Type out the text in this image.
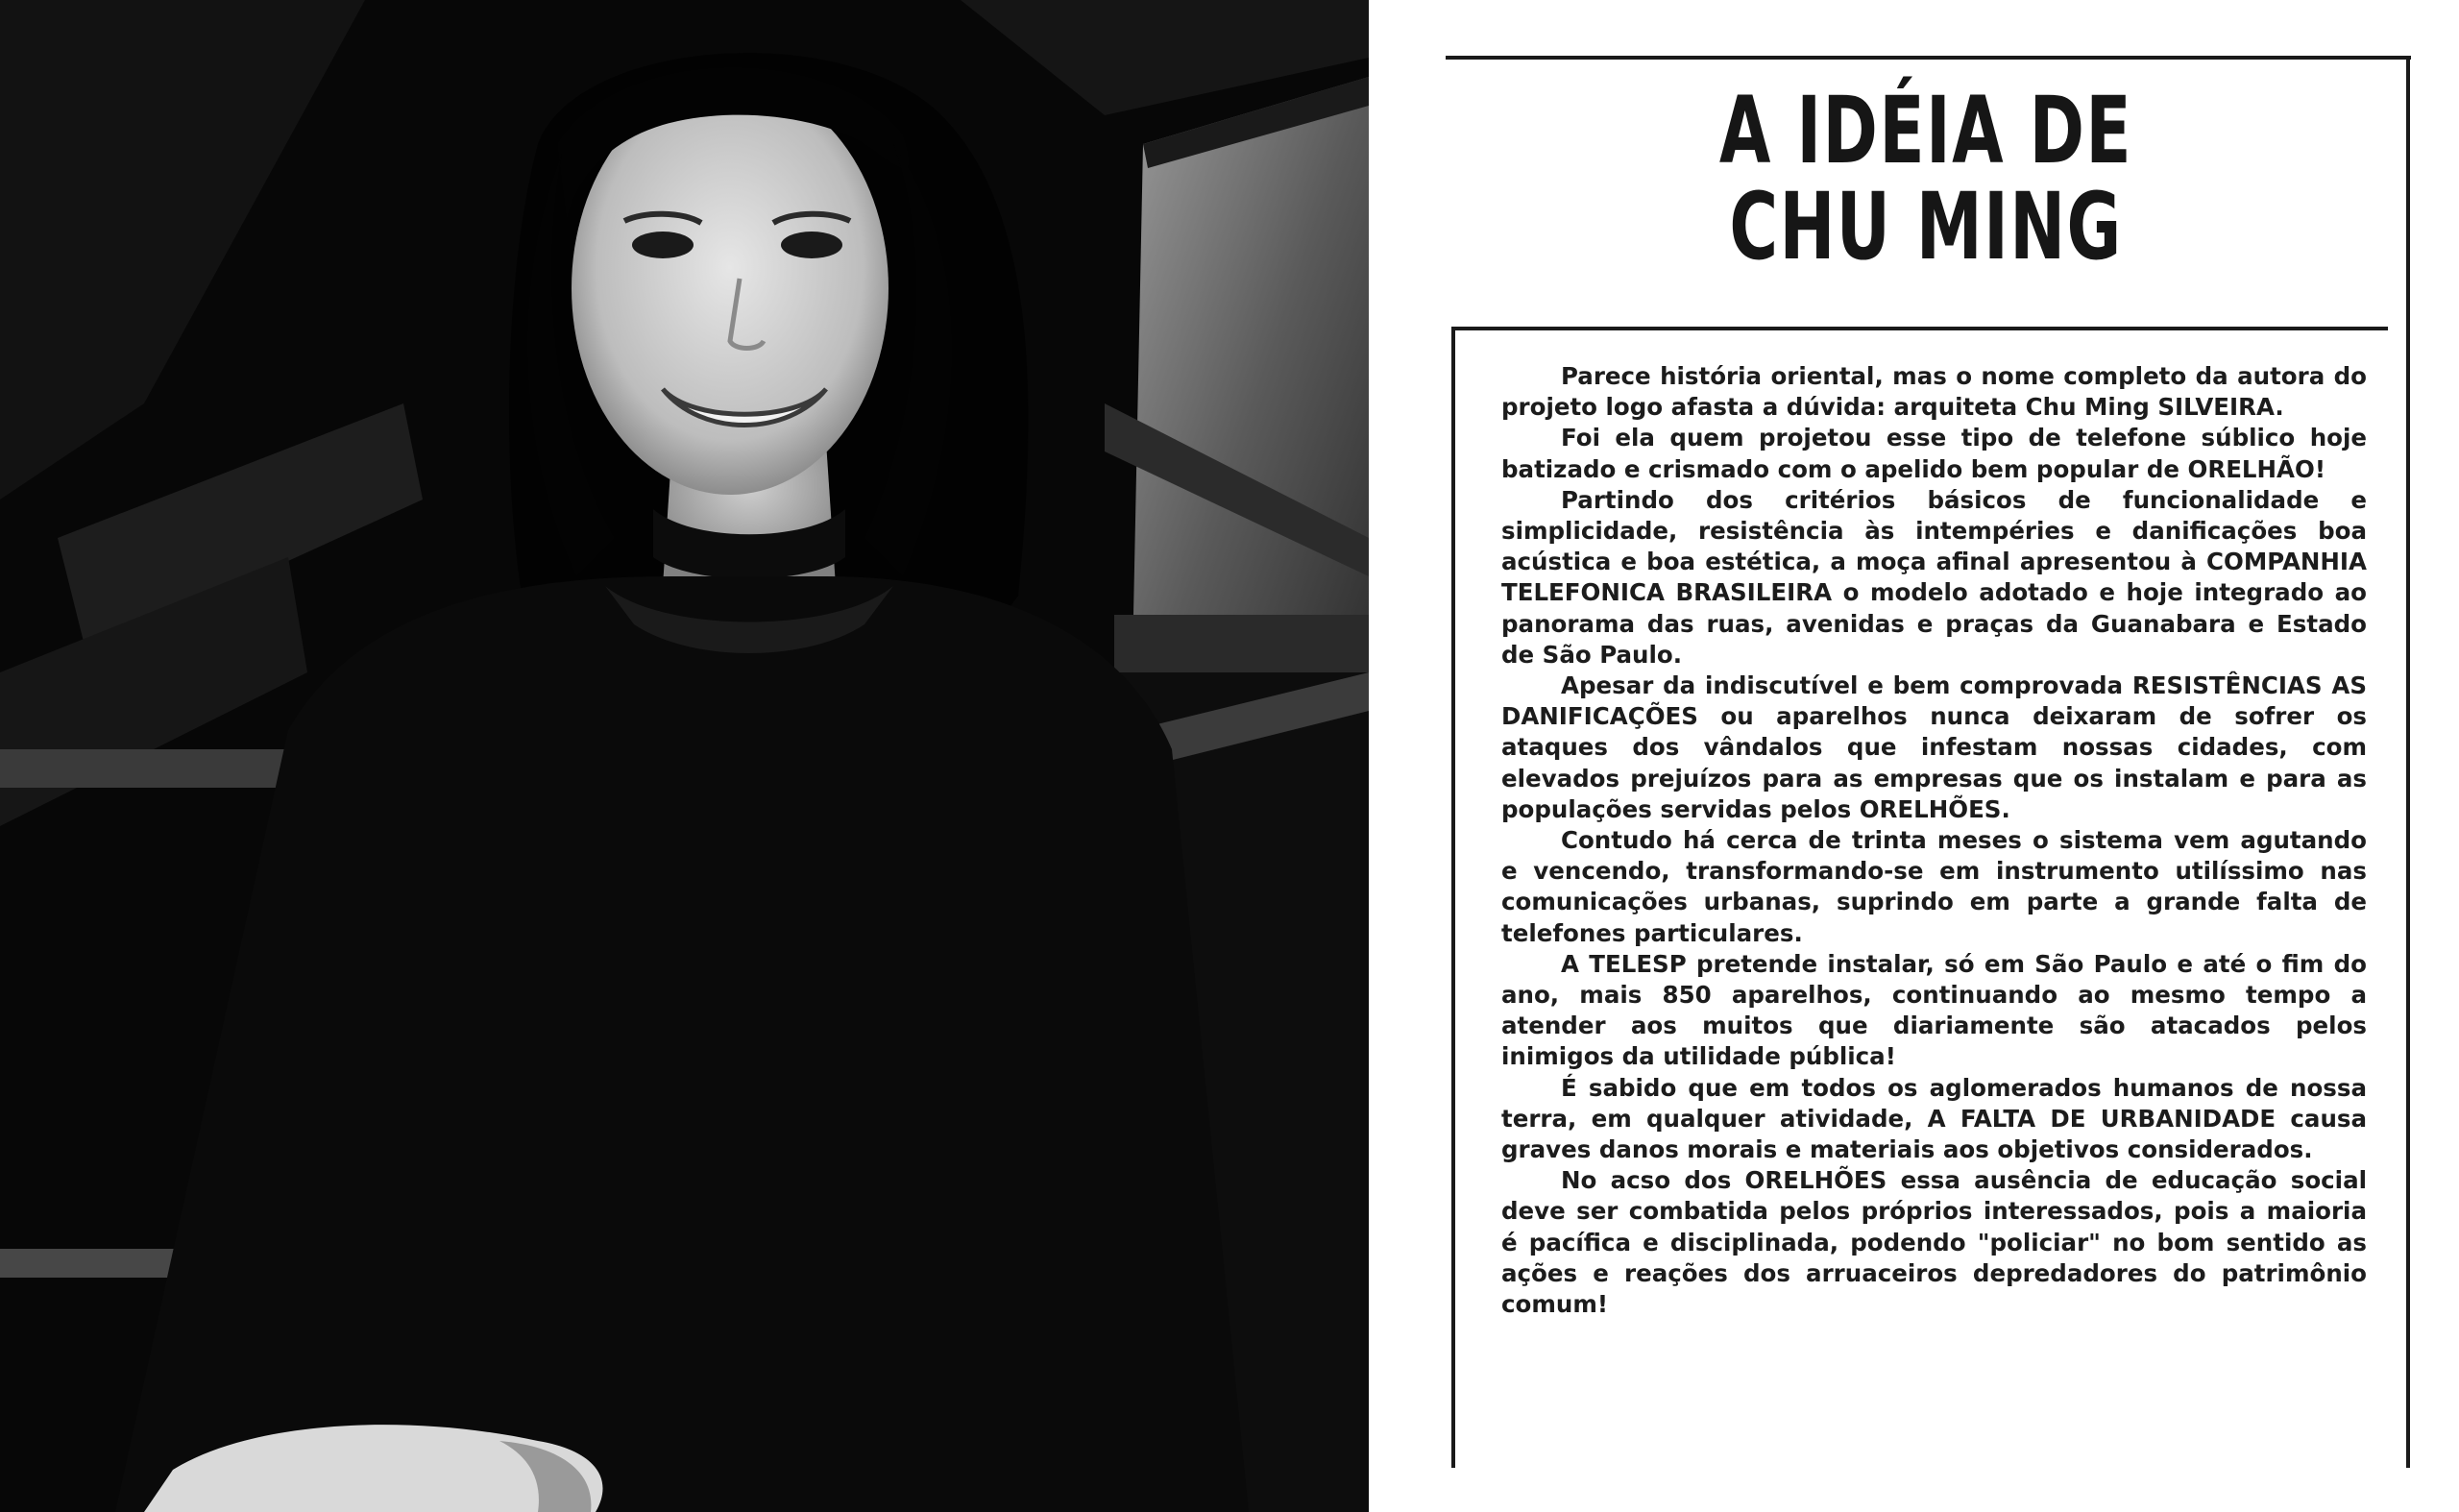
A IDÉIA DE
CHU MING

Parece história oriental, mas o nome completo da autora do projeto logo afasta a dúvida: arquiteta Chu Ming SILVEIRA.

Foi ela quem projetou esse tipo de telefone súblico hoje batizado e crismado com o apelido bem popular de ORELHÃO!

Partindo dos critérios básicos de funcionalidade e simplicidade, resistência às intempéries e danificações boa acústica e boa estética, a moça afinal apresentou à COMPANHIA TELEFONICA BRASILEIRA o modelo adotado e hoje integrado ao panorama das ruas, avenidas e praças da Guanabara e Estado de São Paulo.

Apesar da indiscutível e bem comprovada RESISTÊNCIAS AS DANIFICAÇÕES ou aparelhos nunca deixaram de sofrer os ataques dos vândalos que infestam nossas cidades, com elevados prejuízos para as empresas que os instalam e para as populações servidas pelos ORELHÕES.

Contudo há cerca de trinta meses o sistema vem agutando e vencendo, transformando-se em instrumento utilíssimo nas comunicações urbanas, suprindo em parte a grande falta de telefones particulares.

A TELESP pretende instalar, só em São Paulo e até o fim do ano, mais 850 aparelhos, continuando ao mesmo tempo a atender aos muitos que diariamente são atacados pelos inimigos da utilidade pública!

É sabido que em todos os aglomerados humanos de nossa terra, em qualquer atividade, A FALTA DE URBANIDADE causa graves danos morais e materiais aos objetivos considerados.

No acso dos ORELHÕES essa ausência de educação social deve ser combatida pelos próprios interessados, pois a maioria é pacífica e disciplinada, podendo "policiar" no bom sentido as ações e reações dos arruaceiros depredadores do patrimônio comum!
